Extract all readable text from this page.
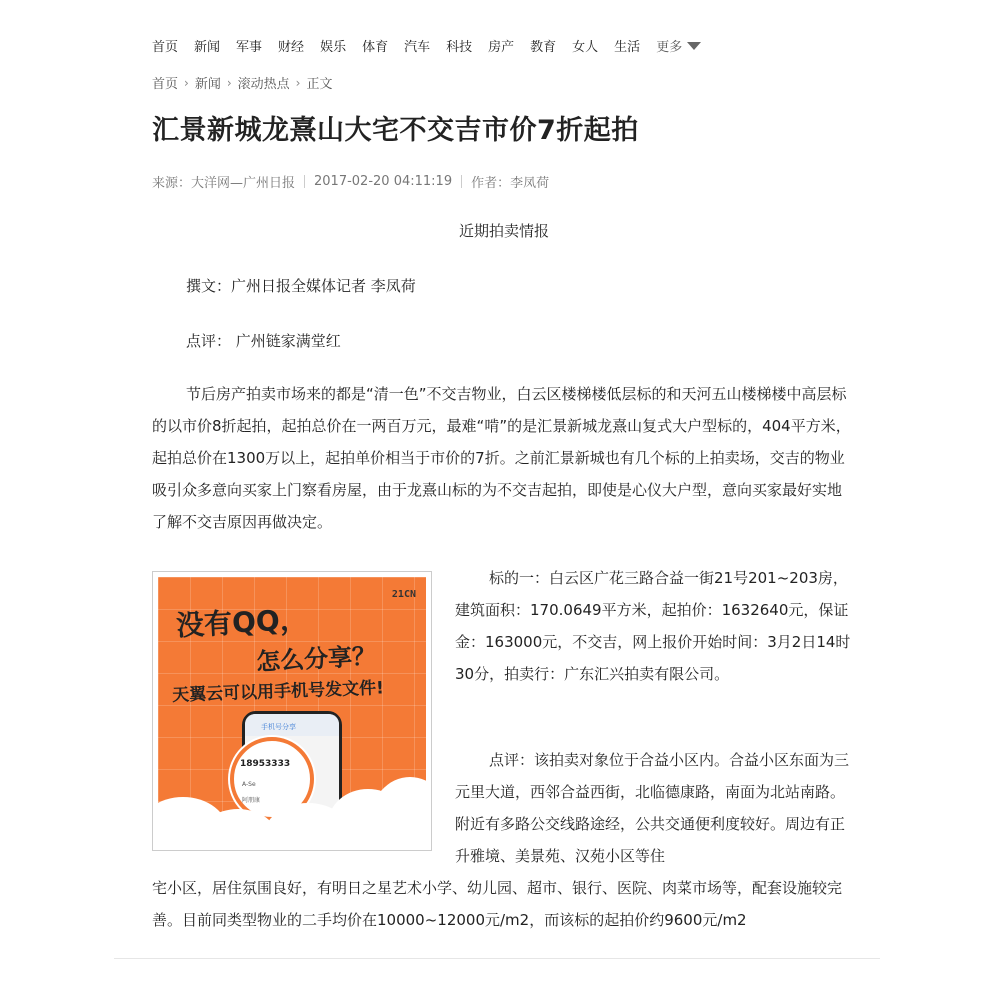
首页 新闻 军事 财经 娱乐 体育 汽车 科技 房产 教育 女人 生活 更多
首页 › 新闻 › 滚动热点 › 正文
汇景新城龙熹山大宅不交吉市价7折起拍
来源：大洋网—广州日报 2017-02-20 04:11:19 作者：李凤荷
近期拍卖情报
撰文：广州日报全媒体记者 李凤荷
点评： 广州链家满堂红
节后房产拍卖市场来的都是“清一色”不交吉物业，白云区楼梯楼低层标的和天河五山楼梯楼中高层标的以市价8折起拍，起拍总价在一两百万元，最难“啃”的是汇景新城龙熹山复式大户型标的，404平方米，起拍总价在1300万以上，起拍单价相当于市价的7折。之前汇景新城也有几个标的上拍卖场，交吉的物业吸引众多意向买家上门察看房屋，由于龙熹山标的为不交吉起拍，即使是心仪大户型，意向买家最好实地了解不交吉原因再做决定。
21CN
没有QQ，
怎么分享？
天翼云可以用手机号发文件!
手机号分享
18953333
A-Se
阿朋康
标的一：白云区广花三路合益一街21号201~203房，建筑面积：170.0649平方米，起拍价：1632640元，保证金：163000元，不交吉，网上报价开始时间：3月2日14时30分，拍卖行：广东汇兴拍卖有限公司。
点评：该拍卖对象位于合益小区内。合益小区东面为三元里大道，西邻合益西街，北临德康路，南面为北站南路。附近有多路公交线路途经，公共交通便利度较好。周边有正升雅境、美景苑、汉苑小区等住
宅小区，居住氛围良好，有明日之星艺术小学、幼儿园、超市、银行、医院、肉菜市场等，配套设施较完善。目前同类型物业的二手均价在10000~12000元/m2，而该标的起拍价约9600元/m2
